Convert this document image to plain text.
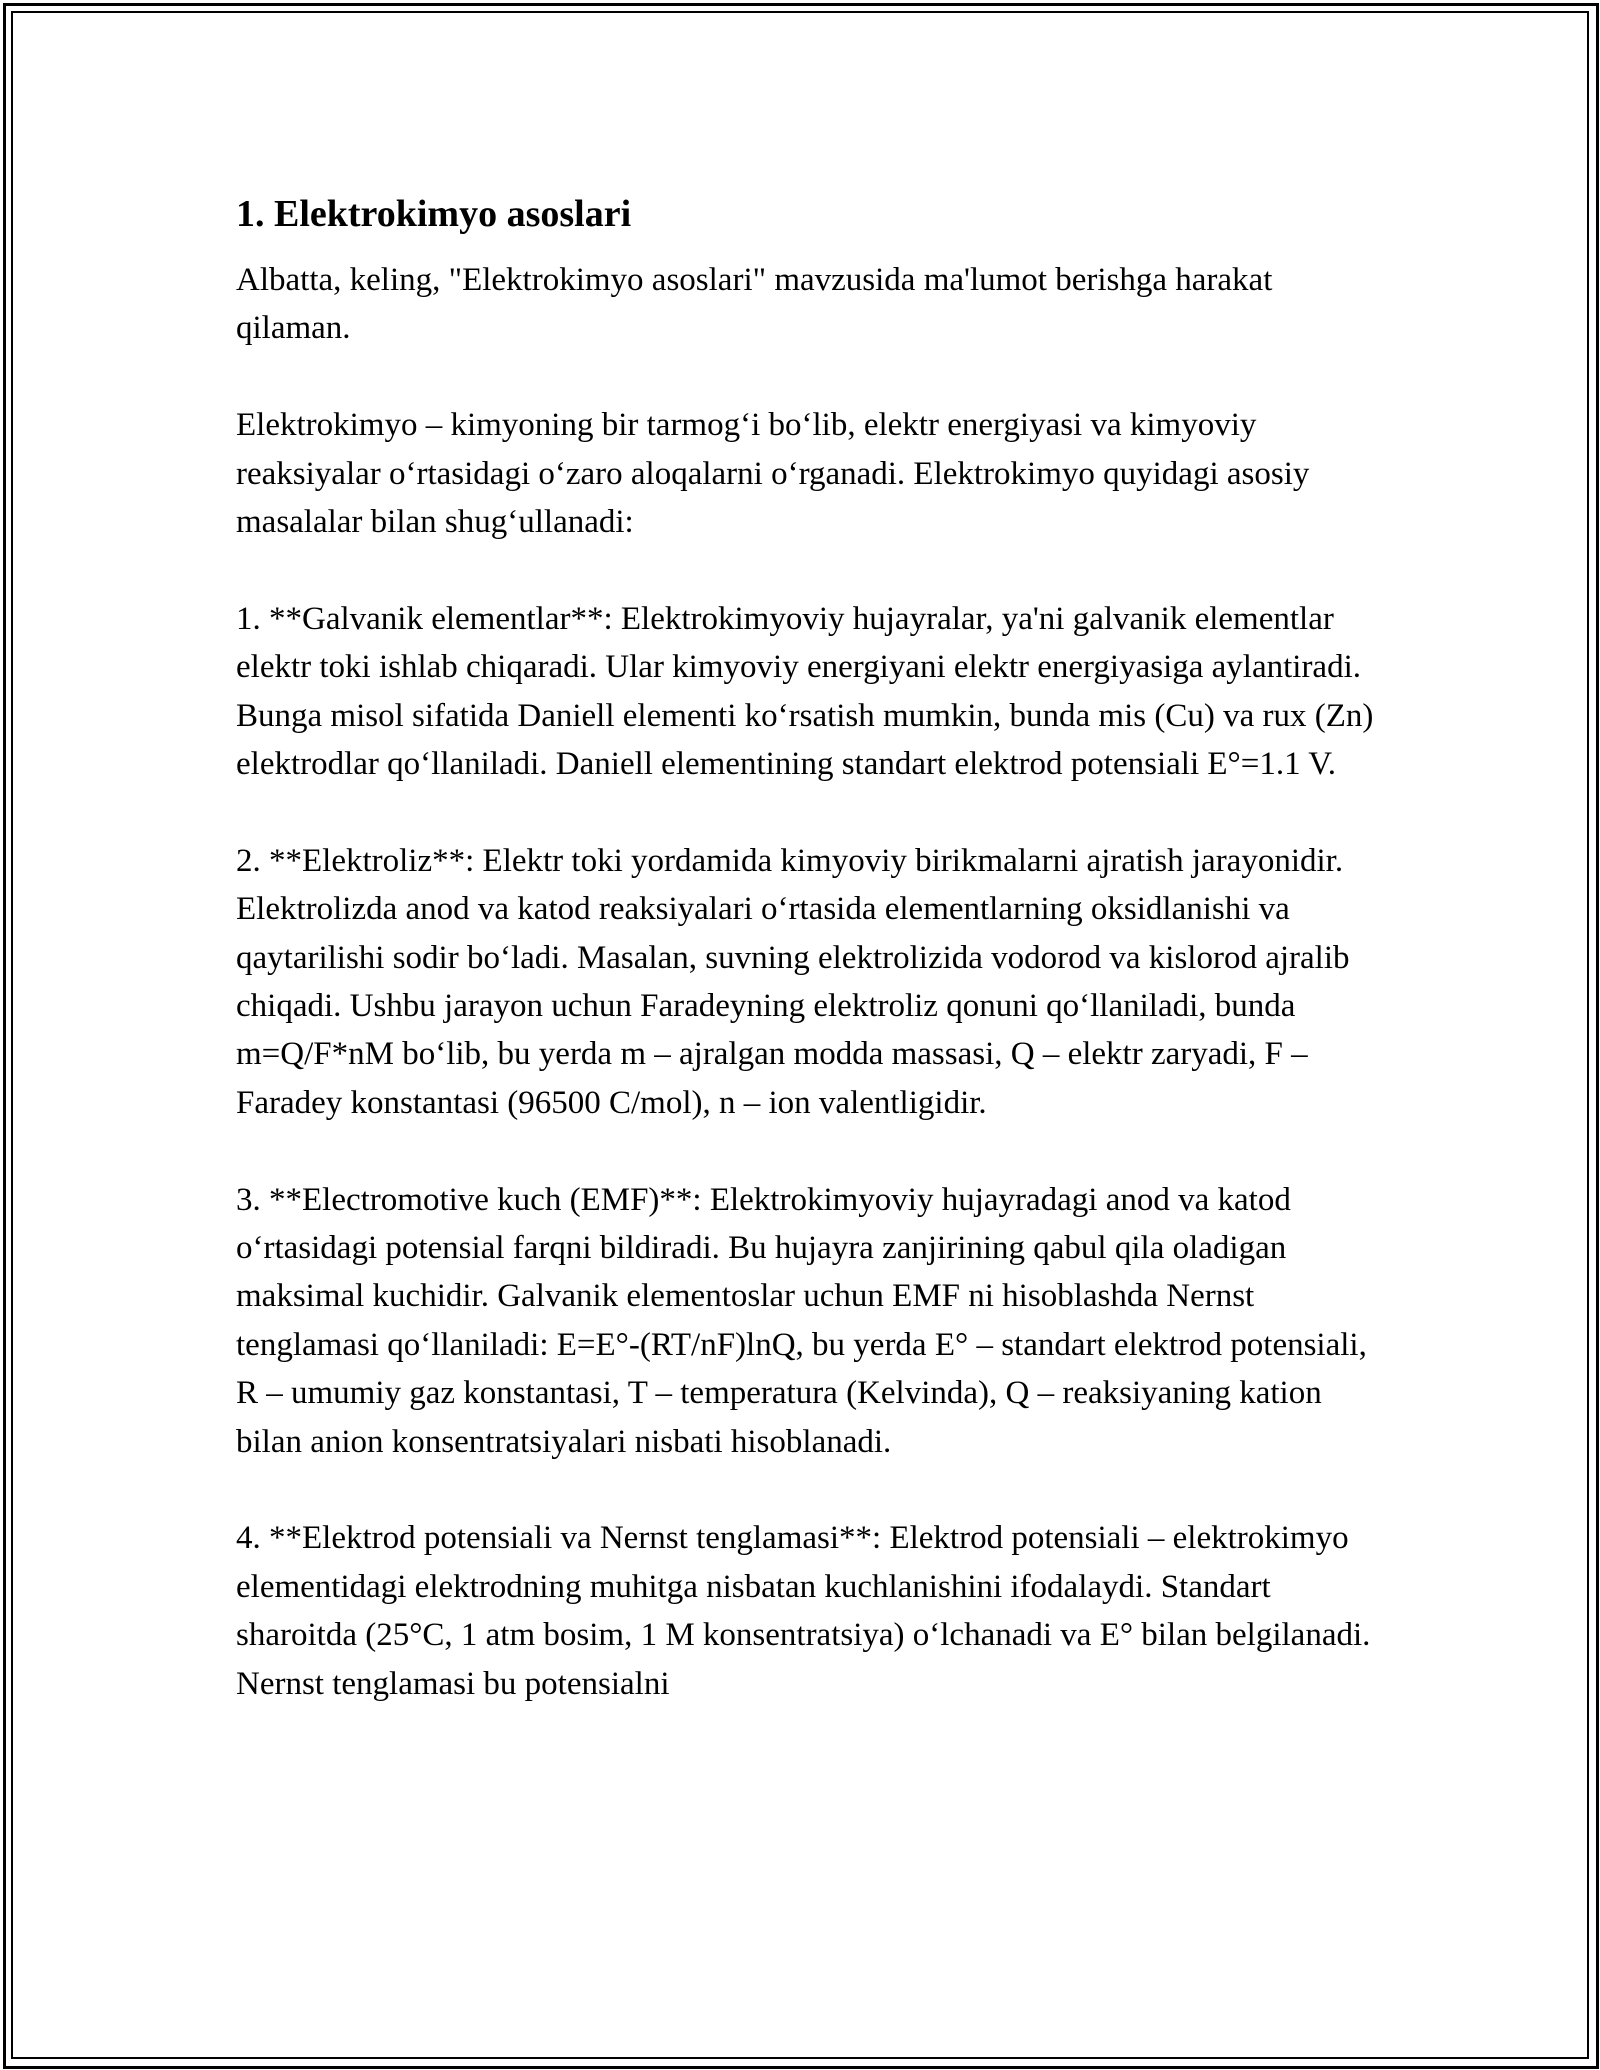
1. Elektrokimyo asoslari

Albatta, keling, "Elektrokimyo asoslari" mavzusida ma'lumot berishga harakat qilaman.

Elektrokimyo – kimyoning bir tarmog‘i bo‘lib, elektr energiyasi va kimyoviy reaksiyalar o‘rtasidagi o‘zaro aloqalarni o‘rganadi. Elektrokimyo quyidagi asosiy masalalar bilan shug‘ullanadi:

1. **Galvanik elementlar**: Elektrokimyoviy hujayralar, ya'ni galvanik elementlar elektr toki ishlab chiqaradi. Ular kimyoviy energiyani elektr energiyasiga aylantiradi. Bunga misol sifatida Daniell elementi ko‘rsatish mumkin, bunda mis (Cu) va rux (Zn) elektrodlar qo‘llaniladi. Daniell elementining standart elektrod potensiali E°=1.1 V.

2. **Elektroliz**: Elektr toki yordamida kimyoviy birikmalarni ajratish jarayonidir. Elektrolizda anod va katod reaksiyalari o‘rtasida elementlarning oksidlanishi va qaytarilishi sodir bo‘ladi. Masalan, suvning elektrolizida vodorod va kislorod ajralib chiqadi. Ushbu jarayon uchun Faradeyning elektroliz qonuni qo‘llaniladi, bunda m=Q/F*nM bo‘lib, bu yerda m – ajralgan modda massasi, Q – elektr zaryadi, F – Faradey konstantasi (96500 C/mol), n – ion valentligidir.

3. **Electromotive kuch (EMF)**: Elektrokimyoviy hujayradagi anod va katod o‘rtasidagi potensial farqni bildiradi. Bu hujayra zanjirining qabul qila oladigan maksimal kuchidir. Galvanik elementoslar uchun EMF ni hisoblashda Nernst tenglamasi qo‘llaniladi: E=E°-(RT/nF)lnQ, bu yerda E° – standart elektrod potensiali, R – umumiy gaz konstantasi, T – temperatura (Kelvinda), Q – reaksiyaning kation bilan anion konsentratsiyalari nisbati hisoblanadi.

4. **Elektrod potensiali va Nernst tenglamasi**: Elektrod potensiali – elektrokimyo elementidagi elektrodning muhitga nisbatan kuchlanishini ifodalaydi. Standart sharoitda (25°C, 1 atm bosim, 1 M konsentratsiya) o‘lchanadi va E° bilan belgilanadi. Nernst tenglamasi bu potensialni
